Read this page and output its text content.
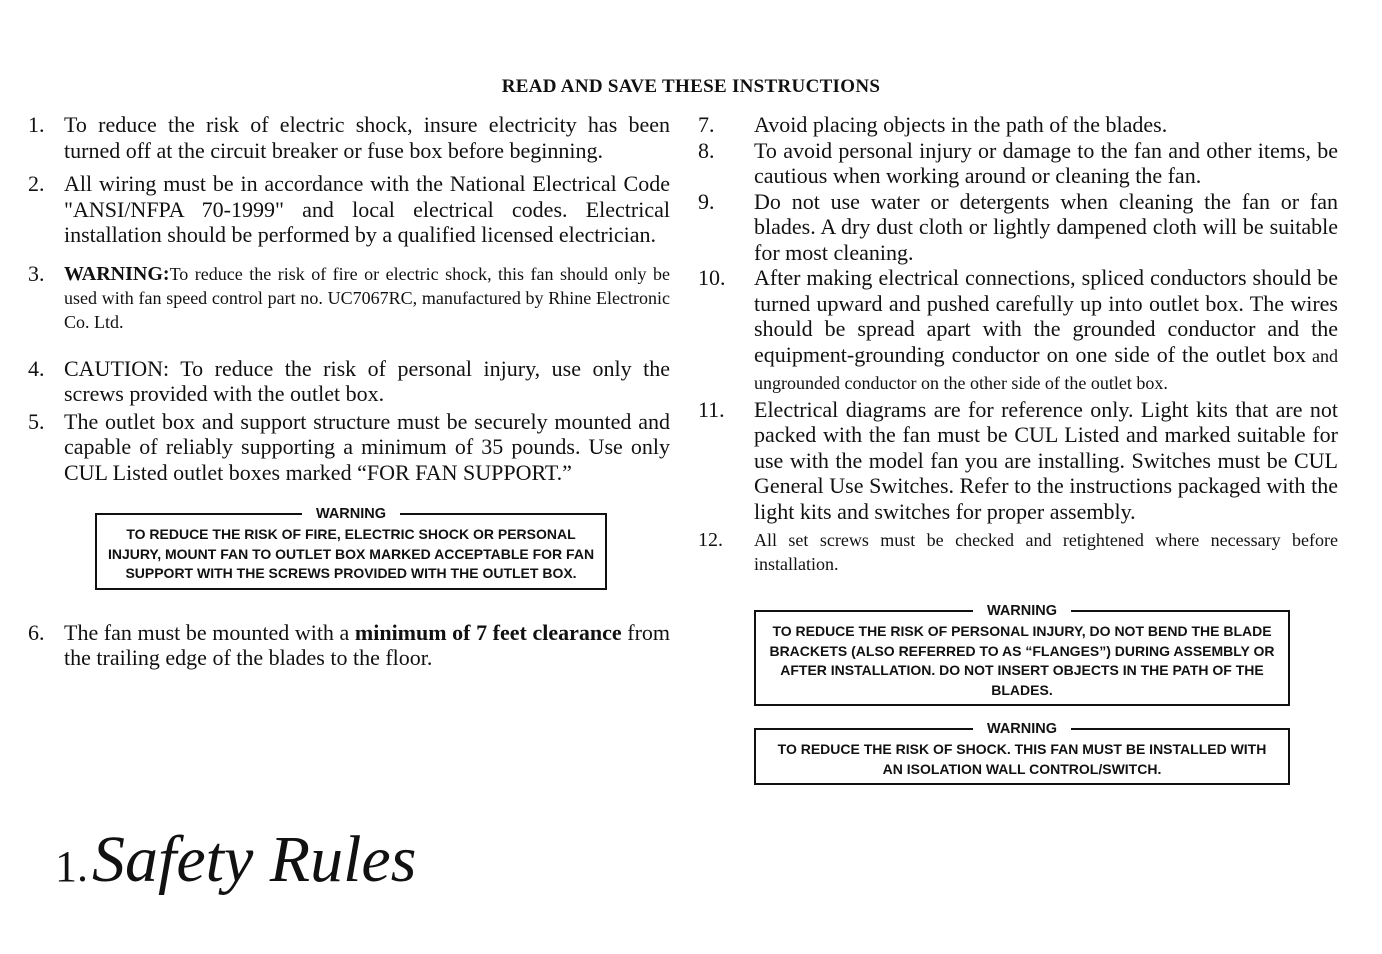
READ AND SAVE THESE INSTRUCTIONS
1. To reduce the risk of electric shock, insure electricity has been turned off at the circuit breaker or fuse box before beginning.
2. All wiring must be in accordance with the National Electrical Code "ANSI/NFPA 70-1999" and local electrical codes. Electrical installation should be performed by a qualified licensed electrician.
3. WARNING:To reduce the risk of fire or electric shock, this fan should only be used with fan speed control part no. UC7067RC, manufactured by Rhine Electronic Co. Ltd.
4. CAUTION: To reduce the risk of personal injury, use only the screws provided with the outlet box.
5. The outlet box and support structure must be securely mounted and capable of reliably supporting a minimum of 35 pounds. Use only CUL Listed outlet boxes marked “FOR FAN SUPPORT.”
WARNING
TO REDUCE THE RISK OF FIRE, ELECTRIC SHOCK OR PERSONAL INJURY, MOUNT FAN TO OUTLET BOX MARKED ACCEPTABLE FOR FAN SUPPORT WITH THE SCREWS PROVIDED WITH THE OUTLET BOX.
6. The fan must be mounted with a minimum of 7 feet clearance from the trailing edge of the blades to the floor.
7.	Avoid placing objects in the path of the blades.
8.	To avoid personal injury or damage to the fan and other items, be cautious when working around or cleaning the fan.
9.	Do not use water or detergents when cleaning the fan or fan blades. A dry dust cloth or lightly dampened cloth will be suitable for most cleaning.
10.	After making electrical connections, spliced conductors should be turned upward and pushed carefully up into outlet box. The wires should be spread apart with the grounded conductor and the equipment-grounding conductor on one side of the outlet box and ungrounded conductor on the other side of the outlet box.
11.	Electrical diagrams are for reference only. Light kits that are not packed with the fan must be CUL Listed and marked suitable for use with the model fan you are installing. Switches must be CUL General Use Switches. Refer to the instructions packaged with the light kits and switches for proper assembly.
12.	All set screws must be checked and retightened where necessary before installation.
WARNING
TO REDUCE THE RISK OF PERSONAL INJURY, DO NOT BEND THE BLADE BRACKETS (ALSO REFERRED TO AS “FLANGES”) DURING ASSEMBLY OR AFTER INSTALLATION. DO NOT INSERT OBJECTS IN THE PATH OF THE BLADES.
WARNING
TO REDUCE THE RISK OF SHOCK. THIS FAN MUST BE INSTALLED WITH AN ISOLATION WALL CONTROL/SWITCH.
1. Safety Rules
